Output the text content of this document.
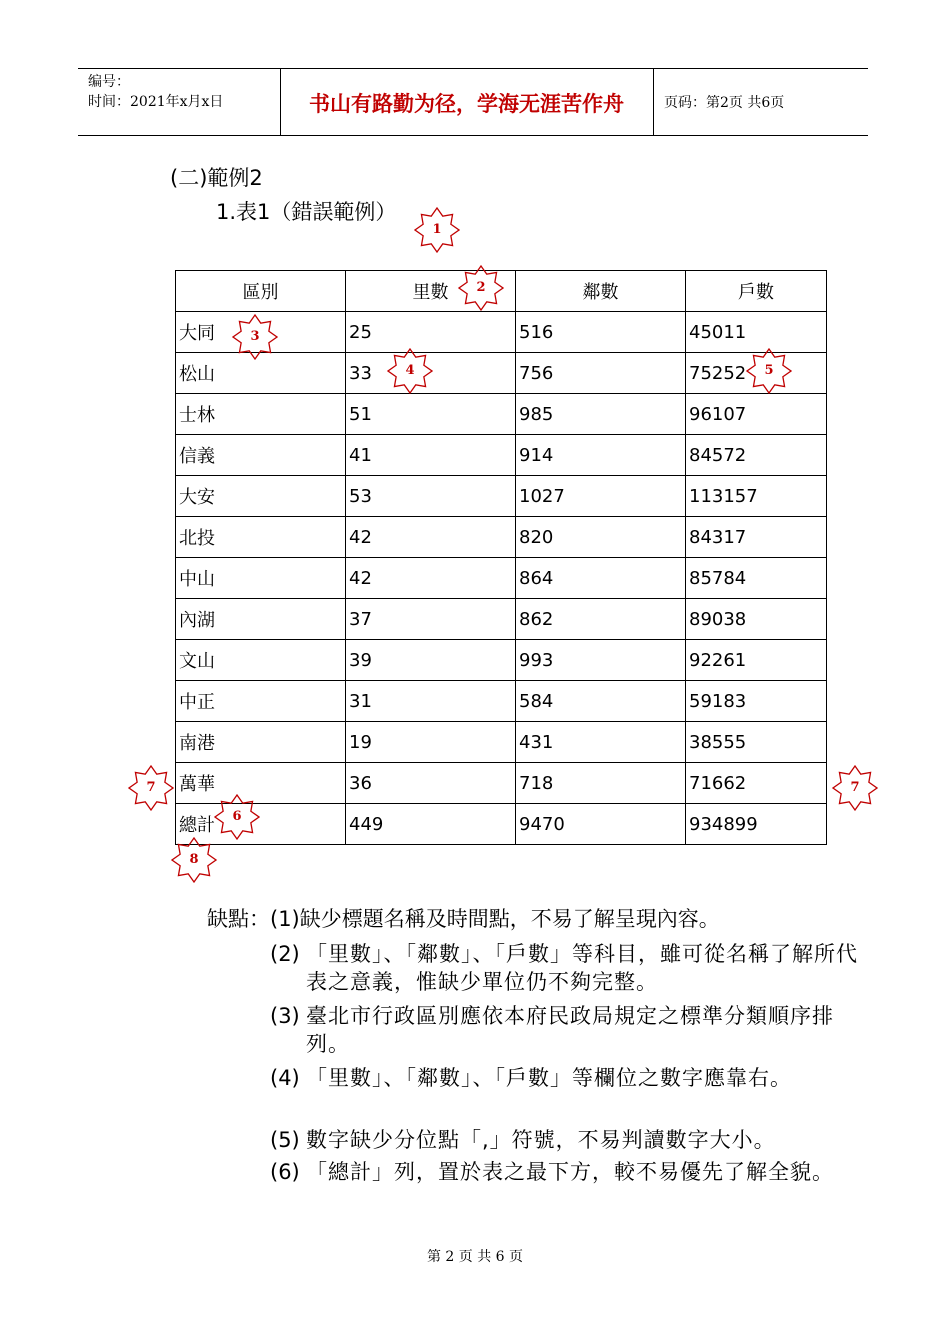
编号：
时间：2021年x月x日	书山有路勤为径，学海无涯苦作舟	页码：第2页 共6页
(二)範例2
1.表1（錯誤範例）
區別	里數	鄰數	戶數
大同	25	516	45011
松山	33	756	75252
士林	51	985	96107
信義	41	914	84572
大安	53	1027	113157
北投	42	820	84317
中山	42	864	85784
內湖	37	862	89038
文山	39	993	92261
中正	31	584	59183
南港	19	431	38555
萬華	36	718	71662
總計	449	9470	934899
1
2
3
4	5
6
7	7
8
缺點：(1)缺少標題名稱及時間點，不易了解呈現內容。
(2) 「里數」、「鄰數」、「戶數」等科目，雖可從名稱了解所代表之意義，惟缺少單位仍不夠完整。
(3) 臺北市行政區別應依本府民政局規定之標準分類順序排列。
(4) 「里數」、「鄰數」、「戶數」等欄位之數字應靠右。
(5) 數字缺少分位點「,」符號，不易判讀數字大小。
(6) 「總計」列，置於表之最下方，較不易優先了解全貌。
第 2 页 共 6 页
